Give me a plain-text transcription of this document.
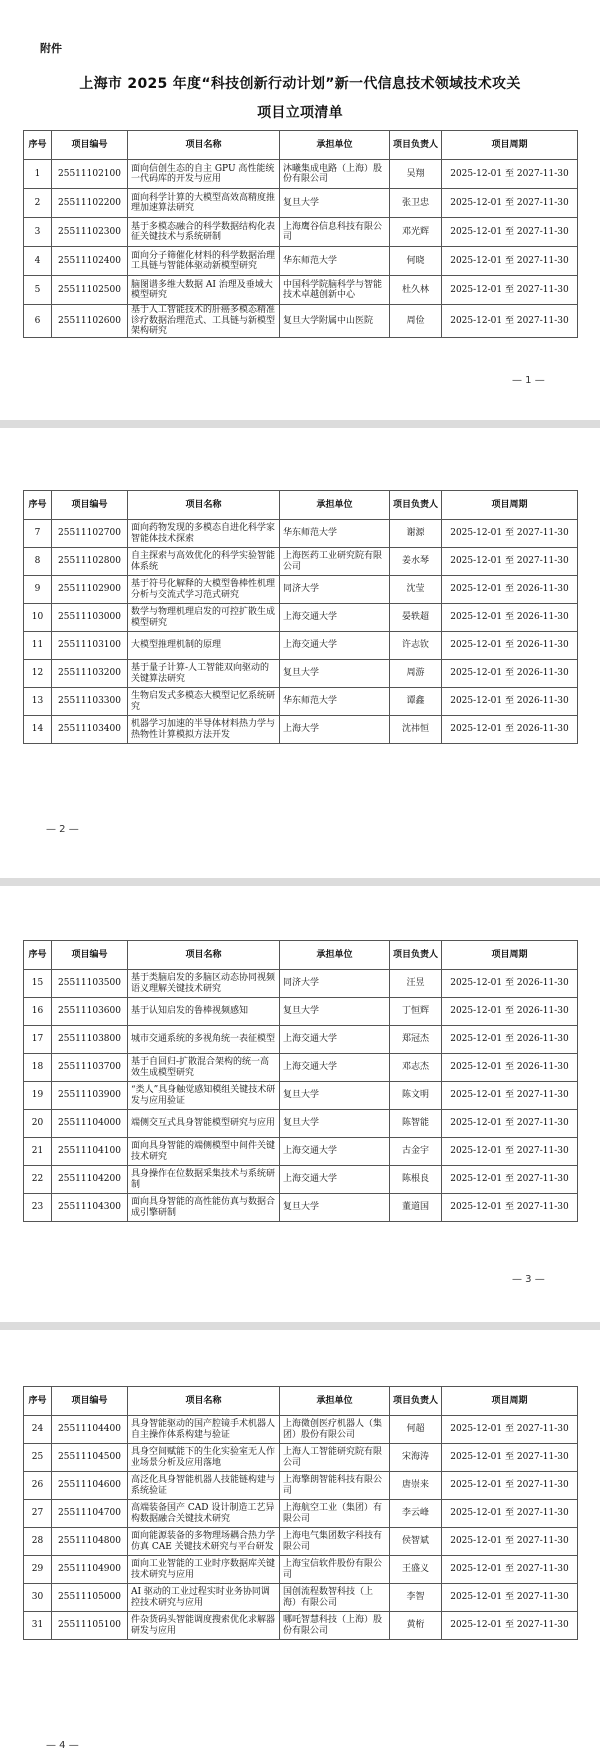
附件
上海市 2025 年度“科技创新行动计划”新一代信息技术领域技术攻关
项目立项清单
序号	项目编号	项目名称	承担单位	项目负责人	项目周期
1	25511102100	面向信创生态的自主 GPU 高性能统一代码库的开发与应用	沐曦集成电路（上海）股份有限公司	吴翔	2025-12-01 至 2027-11-30
2	25511102200	面向科学计算的大模型高效高精度推理加速算法研究	复旦大学	张卫忠	2025-12-01 至 2027-11-30
3	25511102300	基于多模态融合的科学数据结构化表征关键技术与系统研制	上海鹰谷信息科技有限公司	邓光辉	2025-12-01 至 2027-11-30
4	25511102400	面向分子筛催化材料的科学数据治理工具链与智能体驱动新模型研究	华东师范大学	何晓	2025-12-01 至 2027-11-30
5	25511102500	脑图谱多维大数据 AI 治理及垂域大模型研究	中国科学院脑科学与智能技术卓越创新中心	杜久林	2025-12-01 至 2027-11-30
6	25511102600	基于人工智能技术的肝癌多模态精准诊疗数据治理范式、工具链与新模型架构研究	复旦大学附属中山医院	周俭	2025-12-01 至 2027-11-30
— 1 —
序号	项目编号	项目名称	承担单位	项目负责人	项目周期
7	25511102700	面向药物发现的多模态自进化科学家智能体技术探索	华东师范大学	谢源	2025-12-01 至 2027-11-30
8	25511102800	自主探索与高效优化的科学实验智能体系统	上海医药工业研究院有限公司	姜水琴	2025-12-01 至 2027-11-30
9	25511102900	基于符号化解释的大模型鲁棒性机理分析与交流式学习范式研究	同济大学	沈莹	2025-12-01 至 2026-11-30
10	25511103000	数学与物理机理启发的可控扩散生成模型研究	上海交通大学	晏轶超	2025-12-01 至 2026-11-30
11	25511103100	大模型推理机制的原理	上海交通大学	许志钦	2025-12-01 至 2026-11-30
12	25511103200	基于量子计算-人工智能双向驱动的关键算法研究	复旦大学	周游	2025-12-01 至 2026-11-30
13	25511103300	生物启发式多模态大模型记忆系统研究	华东师范大学	谭鑫	2025-12-01 至 2026-11-30
14	25511103400	机器学习加速的半导体材料热力学与热物性计算模拟方法开发	上海大学	沈祎恒	2025-12-01 至 2026-11-30
— 2 —
序号	项目编号	项目名称	承担单位	项目负责人	项目周期
15	25511103500	基于类脑启发的多脑区动态协同视频语义理解关键技术研究	同济大学	汪昱	2025-12-01 至 2026-11-30
16	25511103600	基于认知启发的鲁棒视频感知	复旦大学	丁恒辉	2025-12-01 至 2026-11-30
17	25511103800	城市交通系统的多视角统一表征模型	上海交通大学	郑冠杰	2025-12-01 至 2026-11-30
18	25511103700	基于自回归-扩散混合架构的统一高效生成模型研究	上海交通大学	邓志杰	2025-12-01 至 2026-11-30
19	25511103900	“类人”具身触觉感知模组关键技术研发与应用验证	复旦大学	陈文明	2025-12-01 至 2027-11-30
20	25511104000	端侧交互式具身智能模型研究与应用	复旦大学	陈智能	2025-12-01 至 2027-11-30
21	25511104100	面向具身智能的端侧模型中间件关键技术研究	上海交通大学	古金宇	2025-12-01 至 2027-11-30
22	25511104200	具身操作在位数据采集技术与系统研制	上海交通大学	陈根良	2025-12-01 至 2027-11-30
23	25511104300	面向具身智能的高性能仿真与数据合成引擎研制	复旦大学	董道国	2025-12-01 至 2027-11-30
— 3 —
序号	项目编号	项目名称	承担单位	项目负责人	项目周期
24	25511104400	具身智能驱动的国产腔镜手术机器人自主操作体系构建与验证	上海微创医疗机器人（集团）股份有限公司	何超	2025-12-01 至 2027-11-30
25	25511104500	具身空间赋能下的生化实验室无人作业场景分析及应用落地	上海人工智能研究院有限公司	宋海涛	2025-12-01 至 2027-11-30
26	25511104600	高泛化具身智能机器人技能链构建与系统验证	上海擎朗智能科技有限公司	唐崇来	2025-12-01 至 2027-11-30
27	25511104700	高端装备国产 CAD 设计制造工艺异构数据融合关键技术研究	上海航空工业（集团）有限公司	李云峰	2025-12-01 至 2027-11-30
28	25511104800	面向能源装备的多物理场耦合热力学仿真 CAE 关键技术研究与平台研发	上海电气集团数字科技有限公司	侯智斌	2025-12-01 至 2027-11-30
29	25511104900	面向工业智能的工业时序数据库关键技术研究与应用	上海宝信软件股份有限公司	王盛义	2025-12-01 至 2027-11-30
30	25511105000	AI 驱动的工业过程实时业务协同调控技术研究与应用	国创流程数智科技（上海）有限公司	李智	2025-12-01 至 2027-11-30
31	25511105100	件杂货码头智能调度搜索优化求解器研发与应用	哪吒智慧科技（上海）股份有限公司	黄桁	2025-12-01 至 2027-11-30
— 4 —
